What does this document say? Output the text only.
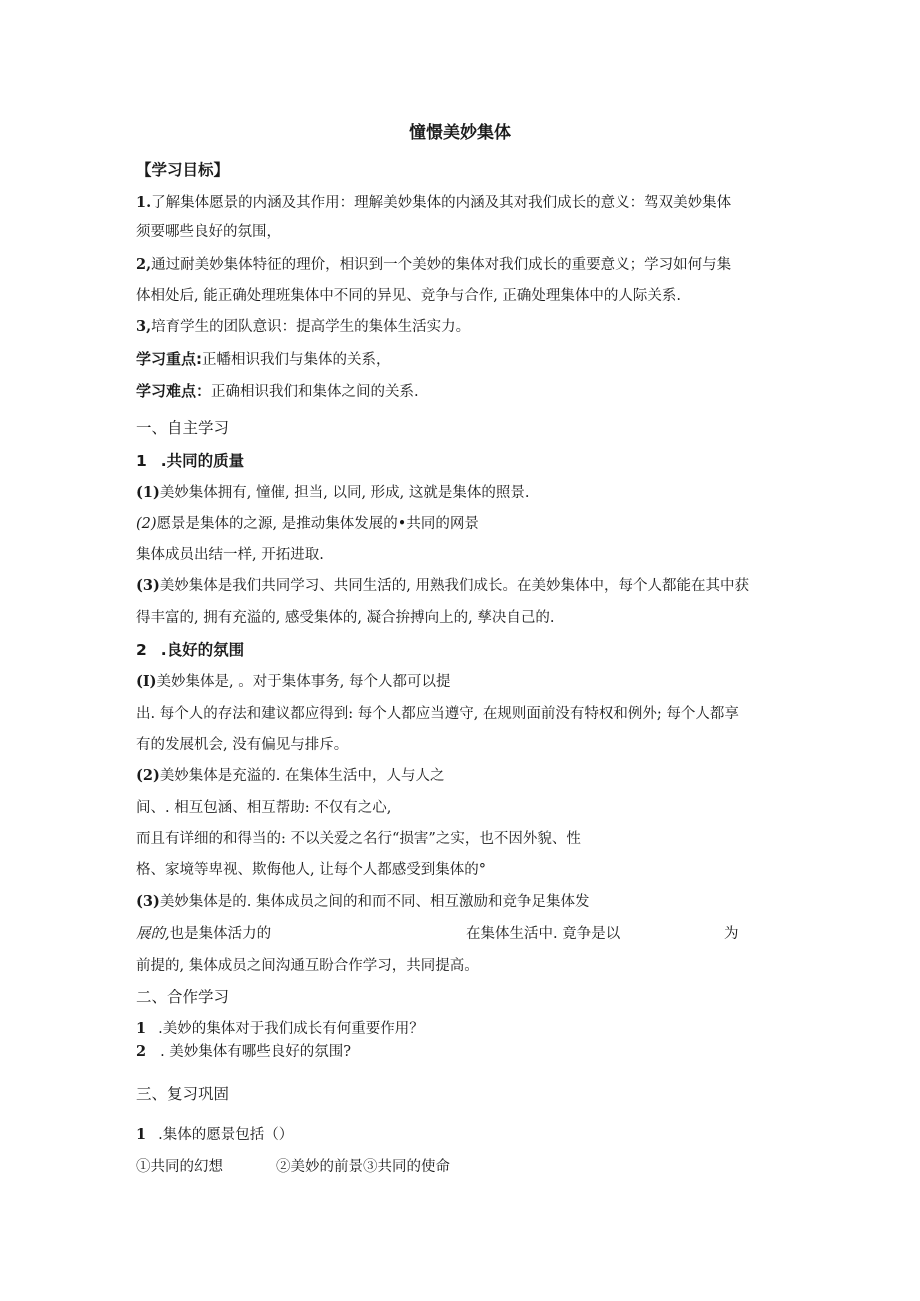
憧憬美妙集体
【学习目标】
1.了解集体愿景的内涵及其作用：理解美妙集体的内涵及其对我们成长的意义：驾双美妙集体
须要哪些良好的氛围，
2,通过耐美妙集体特征的理价，相识到一个美妙的集体对我们成长的重要意义；学习如何与集
体相处后, 能正确处理班集体中不同的异见、竞争与合作, 正确处理集体中的人际关系.
3,培育学生的团队意识：提高学生的集体生活实力。
学习重点:正幡相识我们与集体的关系，
学习难点：正确相识我们和集体之间的关系.
一、自主学习
1 .共同的质量
(1)美妙集体拥有, 憧催, 担当, 以同, 形成, 这就是集体的照景.
(2)愿景是集体的之源, 是推动集体发展的•共同的网景
集体成员出结一样, 开拓进取.
(3)美妙集体是我们共同学习、共同生活的, 用熟我们成长。在美妙集体中，每个人都能在其中获
得丰富的, 拥有充溢的, 感受集体的, 凝合拚搏向上的, 孳决自己的.
2 .良好的氛围
(I)美妙集体是, 。对于集体事务, 每个人都可以提
出. 每个人的存法和建议都应得到: 每个人都应当遵守, 在规则面前没有特权和例外; 每个人都享
有的发展机会, 没有偏见与排斥。
(2)美妙集体是充溢的. 在集体生活中，人与人之
间、. 相互包涵、相互帮助: 不仅有之心,
而且有详细的和得当的: 不以关爱之名行“损害”之实，也不因外貌、性
格、家境等卑视、欺侮他人, 让每个人都感受到集体的°
(3)美妙集体是的. 集体成员之间的和而不同、相互激励和竞争足集体发
展的,也是集体活力的	在集体生活中. 竟争是以	为
前提的, 集体成员之间沟通互盼合作学习，共同提高。
二、合作学习
1 .美妙的集体对于我们成长有何重要作用？
2 . 美妙集体有哪些良好的氛围?
三、复习巩固
1 .集体的愿景包括（）
①共同的幻想	②美妙的前景③共同的使命
